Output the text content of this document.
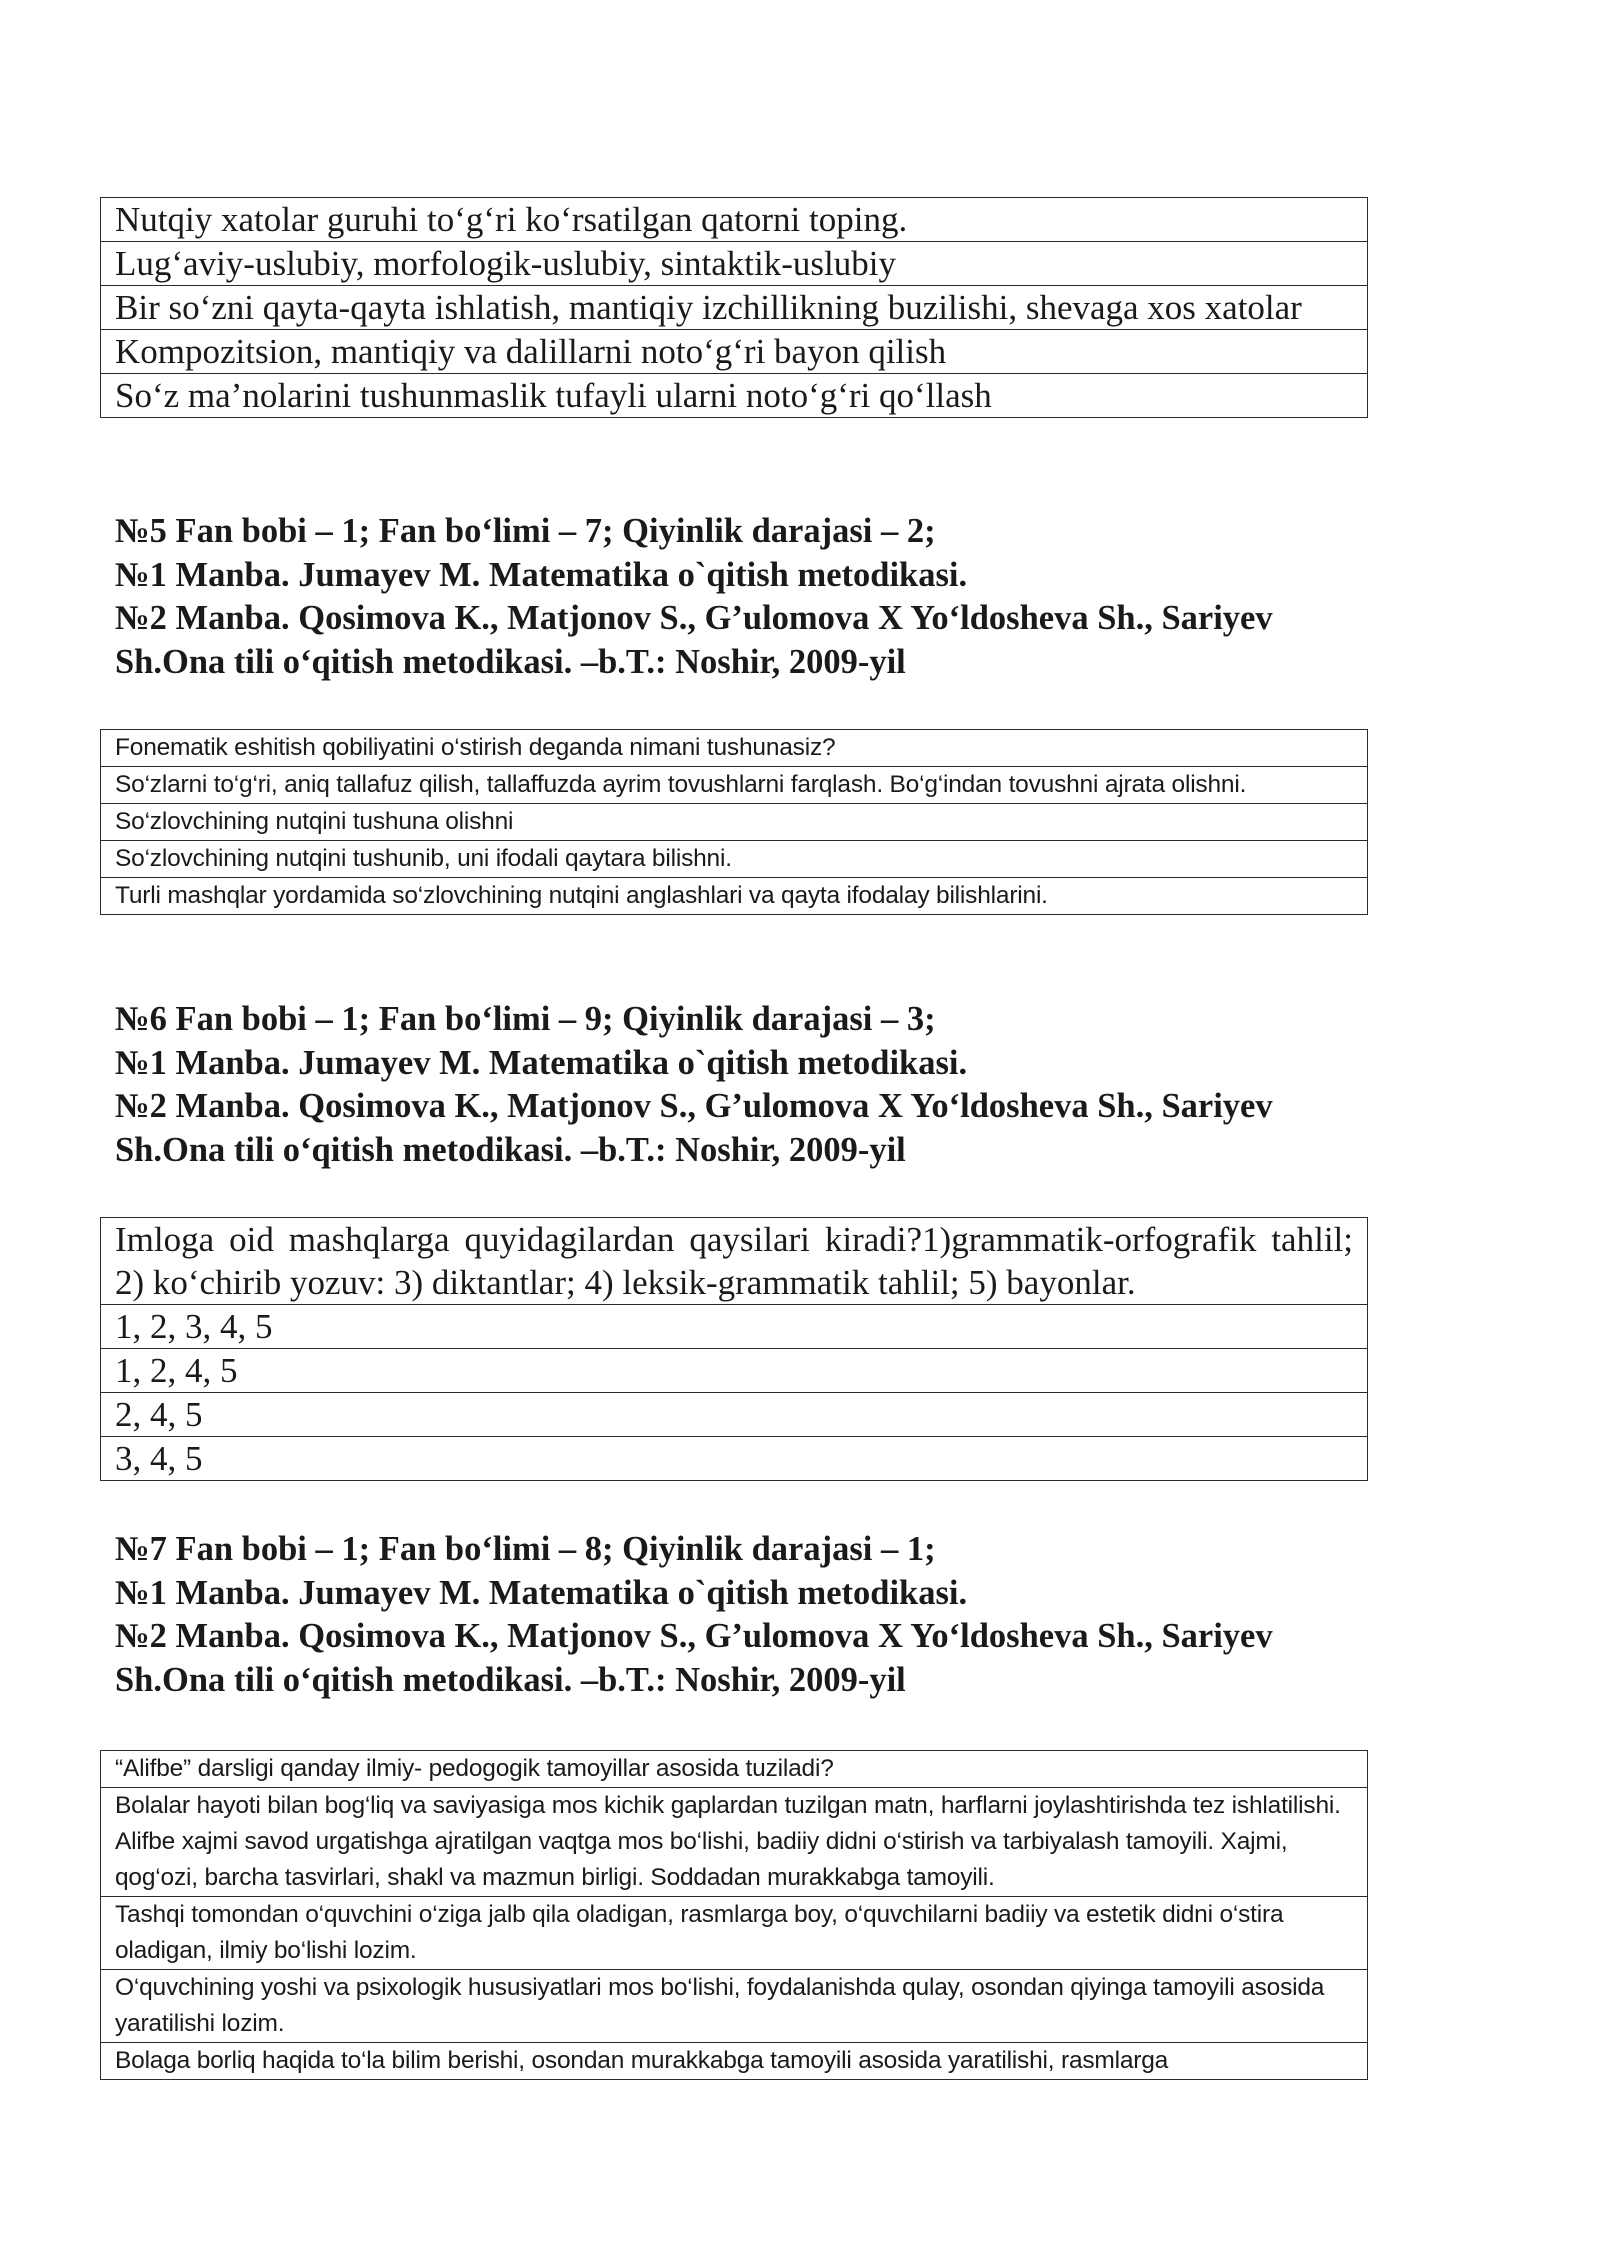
Nutqiy xatolar guruhi to‘g‘ri ko‘rsatilgan qatorni toping.
Lug‘aviy-uslubiy, morfologik-uslubiy, sintaktik-uslubiy
Bir so‘zni qayta-qayta ishlatish, mantiqiy izchillikning buzilishi, shevaga xos xatolar
Kompozitsion, mantiqiy va dalillarni noto‘g‘ri bayon qilish
So‘z ma’nolarini tushunmaslik tufayli ularni noto‘g‘ri qo‘llash
№5 Fan bobi – 1; Fan bo‘limi – 7; Qiyinlik darajasi – 2;
№1 Manba. Jumayev M. Matematika o`qitish metodikasi.
№2 Manba. Qosimova K., Matjonov S., G’ulomova X Yo‘ldosheva Sh., Sariyev
Sh.Ona tili o‘qitish metodikasi. –b.T.: Noshir, 2009-yil
Fonematik eshitish qobiliyatini o‘stirish deganda nimani tushunasiz?
So‘zlarni to‘g‘ri, aniq tallafuz qilish, tallaffuzda ayrim tovushlarni farqlash. Bo‘g‘indan tovushni ajrata olishni.
So‘zlovchining nutqini tushuna olishni
So‘zlovchining nutqini tushunib, uni ifodali qaytara bilishni.
Turli mashqlar yordamida so‘zlovchining nutqini anglashlari va qayta ifodalay bilishlarini.
№6 Fan bobi – 1; Fan bo‘limi – 9; Qiyinlik darajasi – 3;
№1 Manba. Jumayev M. Matematika o`qitish metodikasi.
№2 Manba. Qosimova K., Matjonov S., G’ulomova X Yo‘ldosheva Sh., Sariyev
Sh.Ona tili o‘qitish metodikasi. –b.T.: Noshir, 2009-yil
Imloga oid mashqlarga quyidagilardan qaysilari kiradi?1)grammatik-orfografik tahlil; 2) ko‘chirib yozuv: 3) diktantlar; 4) leksik-grammatik tahlil; 5) bayonlar.
1, 2, 3, 4, 5
1, 2, 4, 5
2, 4, 5
3, 4, 5
№7 Fan bobi – 1; Fan bo‘limi – 8; Qiyinlik darajasi – 1;
№1 Manba. Jumayev M. Matematika o`qitish metodikasi.
№2 Manba. Qosimova K., Matjonov S., G’ulomova X Yo‘ldosheva Sh., Sariyev
Sh.Ona tili o‘qitish metodikasi. –b.T.: Noshir, 2009-yil
“Alifbe” darsligi qanday ilmiy- pedogogik tamoyillar asosida tuziladi?
Bolalar hayoti bilan bog‘liq va saviyasiga mos kichik gaplardan tuzilgan matn, harflarni joylashtirishda tez ishlatilishi. Alifbe xajmi savod urgatishga ajratilgan vaqtga mos bo‘lishi, badiiy didni o‘stirish va tarbiyalash tamoyili. Xajmi, qog‘ozi, barcha tasvirlari, shakl va mazmun birligi. Soddadan murakkabga tamoyili.
Tashqi tomondan o‘quvchini o‘ziga jalb qila oladigan, rasmlarga boy, o‘quvchilarni badiiy va estetik didni o‘stira oladigan, ilmiy bo‘lishi lozim.
O‘quvchining yoshi va psixologik hususiyatlari mos bo‘lishi, foydalanishda qulay, osondan qiyinga tamoyili asosida yaratilishi lozim.
Bolaga borliq haqida to‘la bilim berishi, osondan murakkabga tamoyili asosida yaratilishi, rasmlarga
